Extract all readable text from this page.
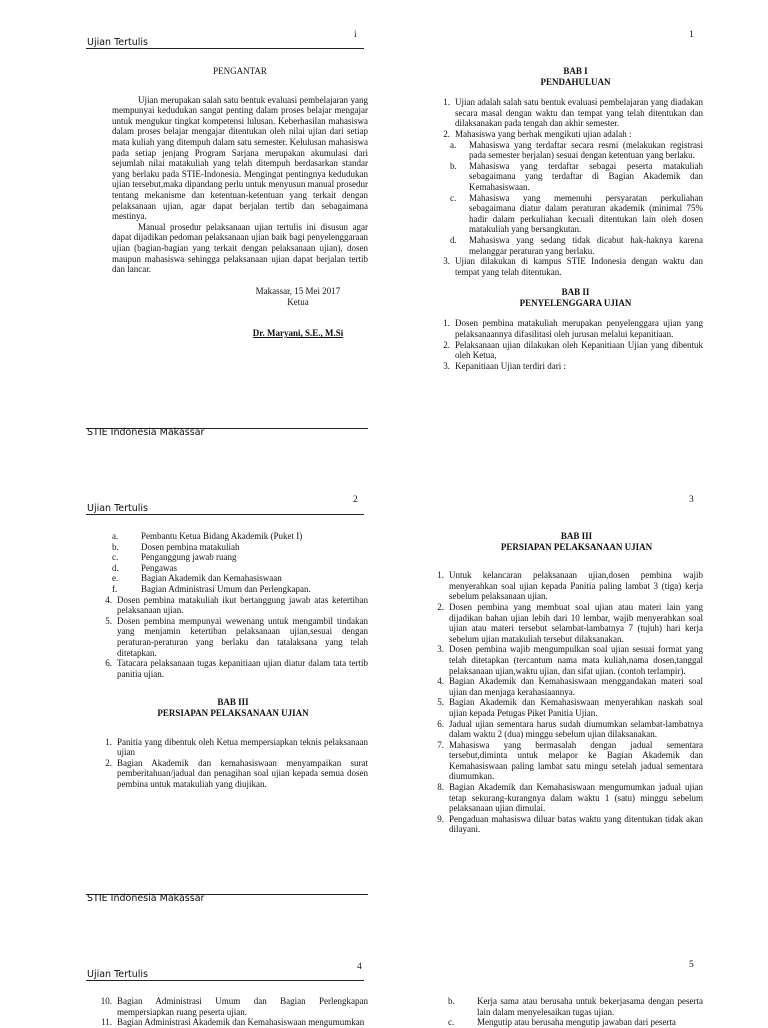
Ujian Tertulis
i

PENGANTAR

Ujian merupakan salah satu bentuk evaluasi pembelajaran yang mempunyai kedudukan sangat penting dalam proses belajar mengajar untuk mengukur tingkat kompetensi lulusan. Keberhasilan mahasiswa dalam proses belajar mengajar ditentukan oleh nilai ujian dari setiap mata kuliah yang ditempuh dalam satu semester. Kelulusan mahasiswa pada setiap jenjang Program Sarjana merupakan akumulasi dari sejumlah nilai matakuliah yang telah ditempuh berdasarkan standar yang berlaku pada STIE-Indonesia. Mengingat pentingnya kedudukan ujian tersebut,maka dipandang perlu untuk menyusun manual prosedur tentang mekanisme dan ketentuan-ketentuan yang terkait dengan pelaksanaan ujian, agar dapat berjalan tertib dan sebagaimana mestinya.

Manual prosedur pelaksanaan ujian tertulis ini disusun agar dapat dijadikan pedoman pelaksanaan ujian baik bagi penyelenggaraan ujian (bagian-bagian yang terkait dengan pelaksanaan ujian), dosen maupun mahasiswa sehingga pelaksanaan ujian dapat berjalan tertib dan lancar.

Makassar, 15 Mei 2017

Ketua

Dr. Maryani, S.E., M.Si

STIE Indonesia Makassar
1

BAB I

PENDAHULUAN

1. Ujian adalah salah satu bentuk evaluasi pembelajaran yang diadakan secara masal dengan waktu dan tempat yang telah ditentukan dan dilaksanakan pada tengah dan akhir semester.
2. Mahasiswa yang berhak mengikuti ujian adalah :
a.	Mahasiswa yang terdaftar secara resmi (melakukan registrasi pada semester berjalan) sesuai dengan ketentuan yang berlaku.
b.	Mahasiswa yang terdaftar sebagai peserta matakuliah sebagaimana yang terdaftar di Bagian Akademik dan Kemahasiswaan.
c.	Mahasiswa yang memenuhi persyaratan perkuliahan sebagaimana diatur dalam peraturan akademik (minimal 75% hadir dalam perkuliahan kecuali ditentukan lain oleh dosen matakuliah yang bersangkutan.
d.	Mahasiswa yang sedang tidak dicabut hak-haknya karena melanggar peraturan yang berlaku.
3. Ujian dilakukan di kampus STIE Indonesia dengan waktu dan tempat yang telah ditentukan.

BAB II

PENYELENGGARA UJIAN

1. Dosen pembina matakuliah merupakan penyelenggara ujian yang pelaksanaannya difasilitasi oleh jurusan melalui kepanitiaan.
2. Pelaksanaan ujian dilakukan oleh Kepanitiaan Ujian yang dibentuk oleh Ketua,
3. Kepanitiaan Ujian terdiri dari :
Ujian Tertulis
2
a.	Pembantu Ketua Bidang Akademik (Puket I)
b.	Dosen pembina matakuliah
c.	Penganggung jawab ruang
d.	Pengawas
e.	Bagian Akademik dan Kemahasiswaan
f.	Bagian Administrasi Umum dan Perlengkapan.
4. Dosen pembina matakuliah ikut bertanggung jawab atas ketertiban pelaksanaan ujian.
5. Dosen pembina mempunyai wewenang untuk mengambil tindakan yang menjamin ketertiban pelaksanaan ujian,sesuai dengan peraturan-peraturan yang berlaku dan tatalaksana yang telah ditetapkan.
6. Tatacara pelaksanaan tugas kepanitiaan ujian diatur dalam tata tertib panitia ujian.

BAB III

PERSIAPAN PELAKSANAAN UJIAN

1. Panitia yang dibentuk oleh Ketua mempersiapkan teknis pelaksanaan ujian
2. Bagian Akademik dan kemahasiswaan menyampaikan surat pemberitahuan/jadual dan penagihan soal ujian kepada semua dosen pembina untuk matakuliah yang diujikan.
STIE Indonesia Makassar
3

BAB III

PERSIAPAN PELAKSANAAN UJIAN

1. Untuk kelancaran pelaksanaan ujian,dosen pembina wajib menyerahkan soal ujian kepada Panitia paling lambat 3 (tiga) kerja sebelum pelaksanaan ujian.
2. Dosen pembina yang membuat soal ujian atau materi lain yang dijadikan bahan ujian lebih dari 10 lembar, wajib menyerahkan soal ujian atau materi tersebut selambat-lambatnya 7 (tujuh) hari kerja sebelum ujian matakuliah tersebut dilaksanakan.
3. Dosen pembina wajib mengumpulkan soal ujian sesuai format yang telah ditetapkan (tercantum nama mata kuliah,nama dosen,tanggal pelaksanaan ujian,waktu ujian, dan sifat ujian. (contoh terlampir).
4. Bagian Akademik dan Kemahasiswaan menggandakan materi soal ujian dan menjaga kerahasiaannya.
5. Bagian Akademik dan Kemahasiswaan menyerahkan naskah soal ujian kepada Petugas Piket Panitia Ujian.
6. Jadual ujian sementara harus sudah diumumkan selambat-lambatnya dalam waktu 2 (dua) minggu sebelum ujian dilaksanakan.
7. Mahasiswa yang bermasalah dengan jadual sementara tersebut,diminta untuk melapor ke Bagian Akademik dan Kemahasiswaan paling lambat satu mingu setelah jadual sementara diumumkan.
8. Bagian Akademik dan Kemahasiswaan mengumumkan jadual ujian tetap sekurang-kurangnya dalam waktu 1 (satu) minggu sebelum pelaksanaan ujian dimulai.
9. Pengaduan mahasiswa diluar batas waktu yang ditentukan tidak akan dilayani.
Ujian Tertulis
4
10. Bagian Administrasi Umum dan Bagian Perlengkapan mempersiapkan ruang peserta ujian.
11. Bagian Administrasi Akademik dan Kemahasiswaan mengumumkan
5
b.	Kerja sama atau berusaha untuk bekerjasama dengan peserta lain dalam menyelesaikan tugas ujian.
c.	Mengutip atau berusaha mengutip jawaban dari peserta
